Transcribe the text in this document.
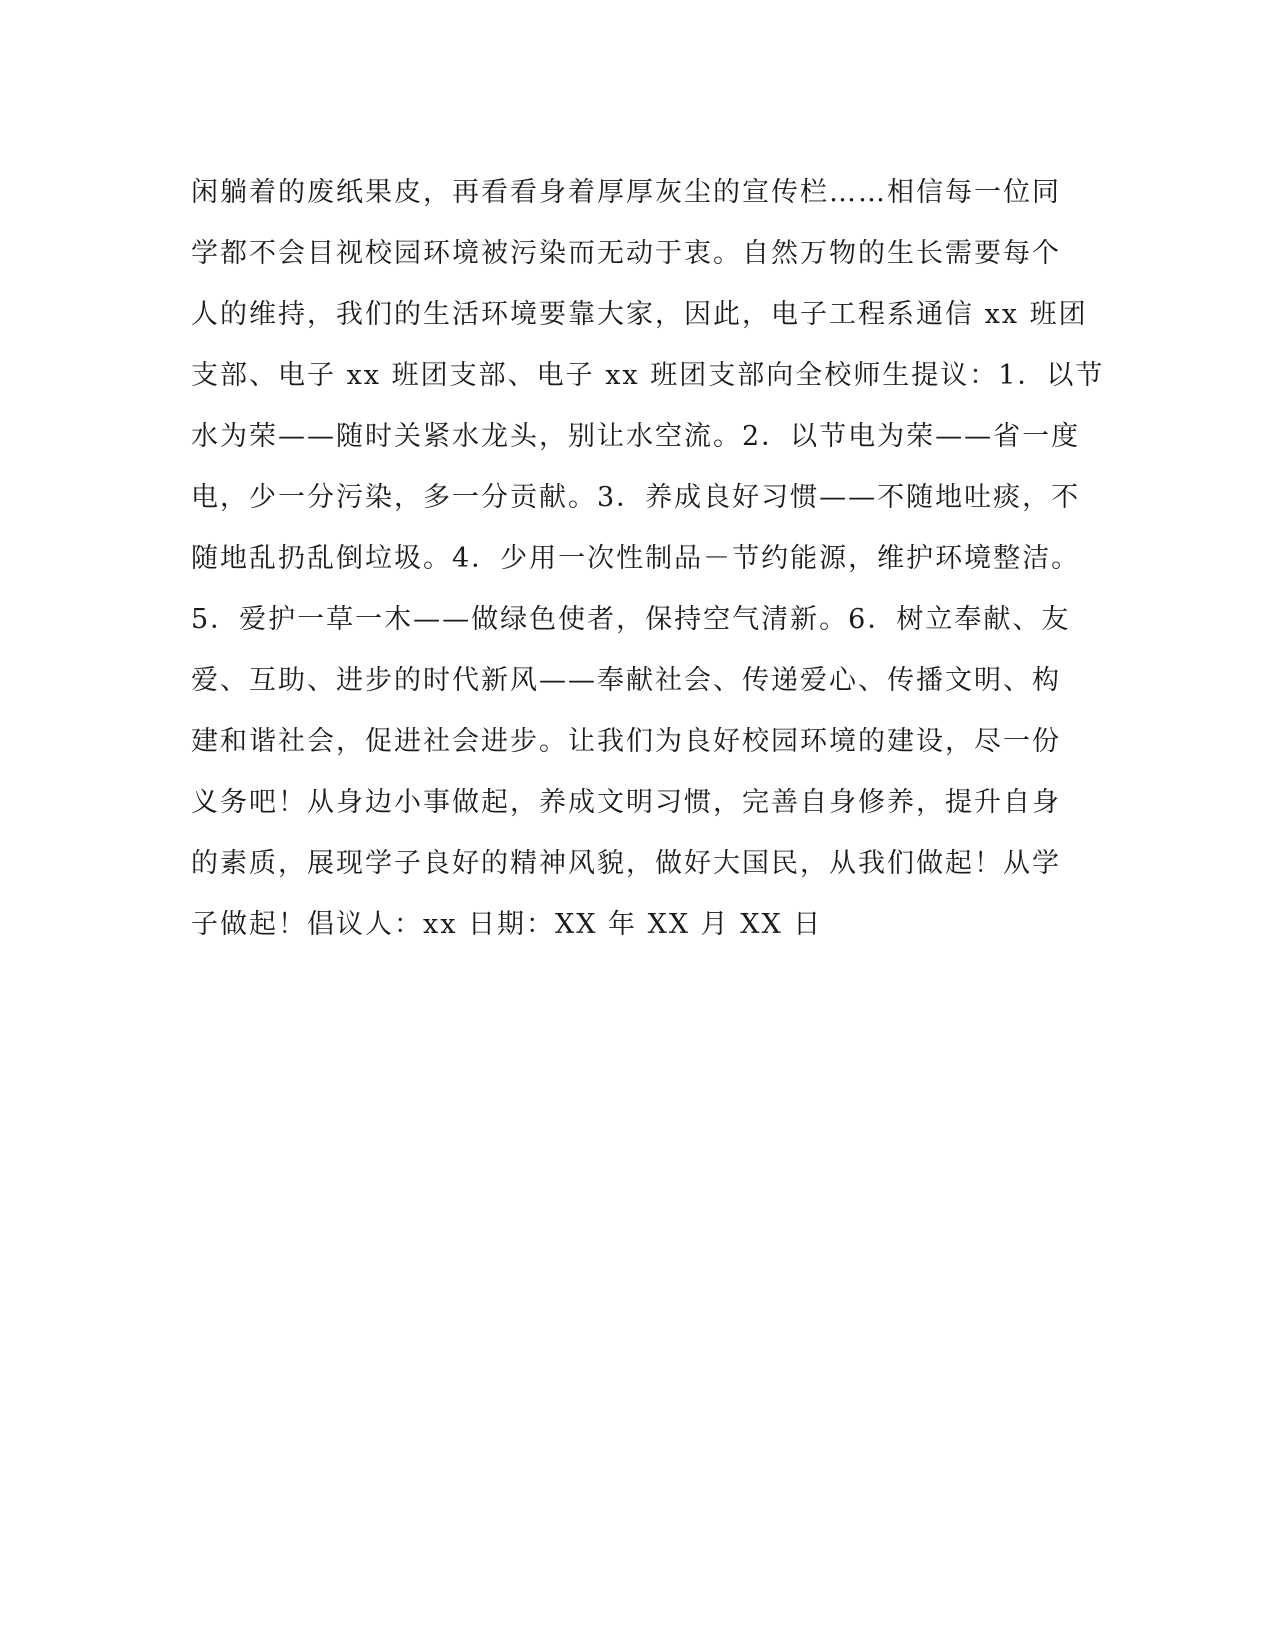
闲躺着的废纸果皮，再看看身着厚厚灰尘的宣传栏……相信每一位同
学都不会目视校园环境被污染而无动于衷。自然万物的生长需要每个
人的维持，我们的生活环境要靠大家，因此，电子工程系通信 xx 班团
支部、电子 xx 班团支部、电子 xx 班团支部向全校师生提议：1．以节
水为荣——随时关紧水龙头，别让水空流。2．以节电为荣——省一度
电，少一分污染，多一分贡献。3．养成良好习惯——不随地吐痰，不
随地乱扔乱倒垃圾。4．少用一次性制品－节约能源，维护环境整洁。
5．爱护一草一木——做绿色使者，保持空气清新。6．树立奉献、友
爱、互助、进步的时代新风——奉献社会、传递爱心、传播文明、构
建和谐社会，促进社会进步。让我们为良好校园环境的建设，尽一份
义务吧！从身边小事做起，养成文明习惯，完善自身修养，提升自身
的素质，展现学子良好的精神风貌，做好大国民，从我们做起！从学
子做起！倡议人：xx 日期：XX 年 XX 月 XX 日
